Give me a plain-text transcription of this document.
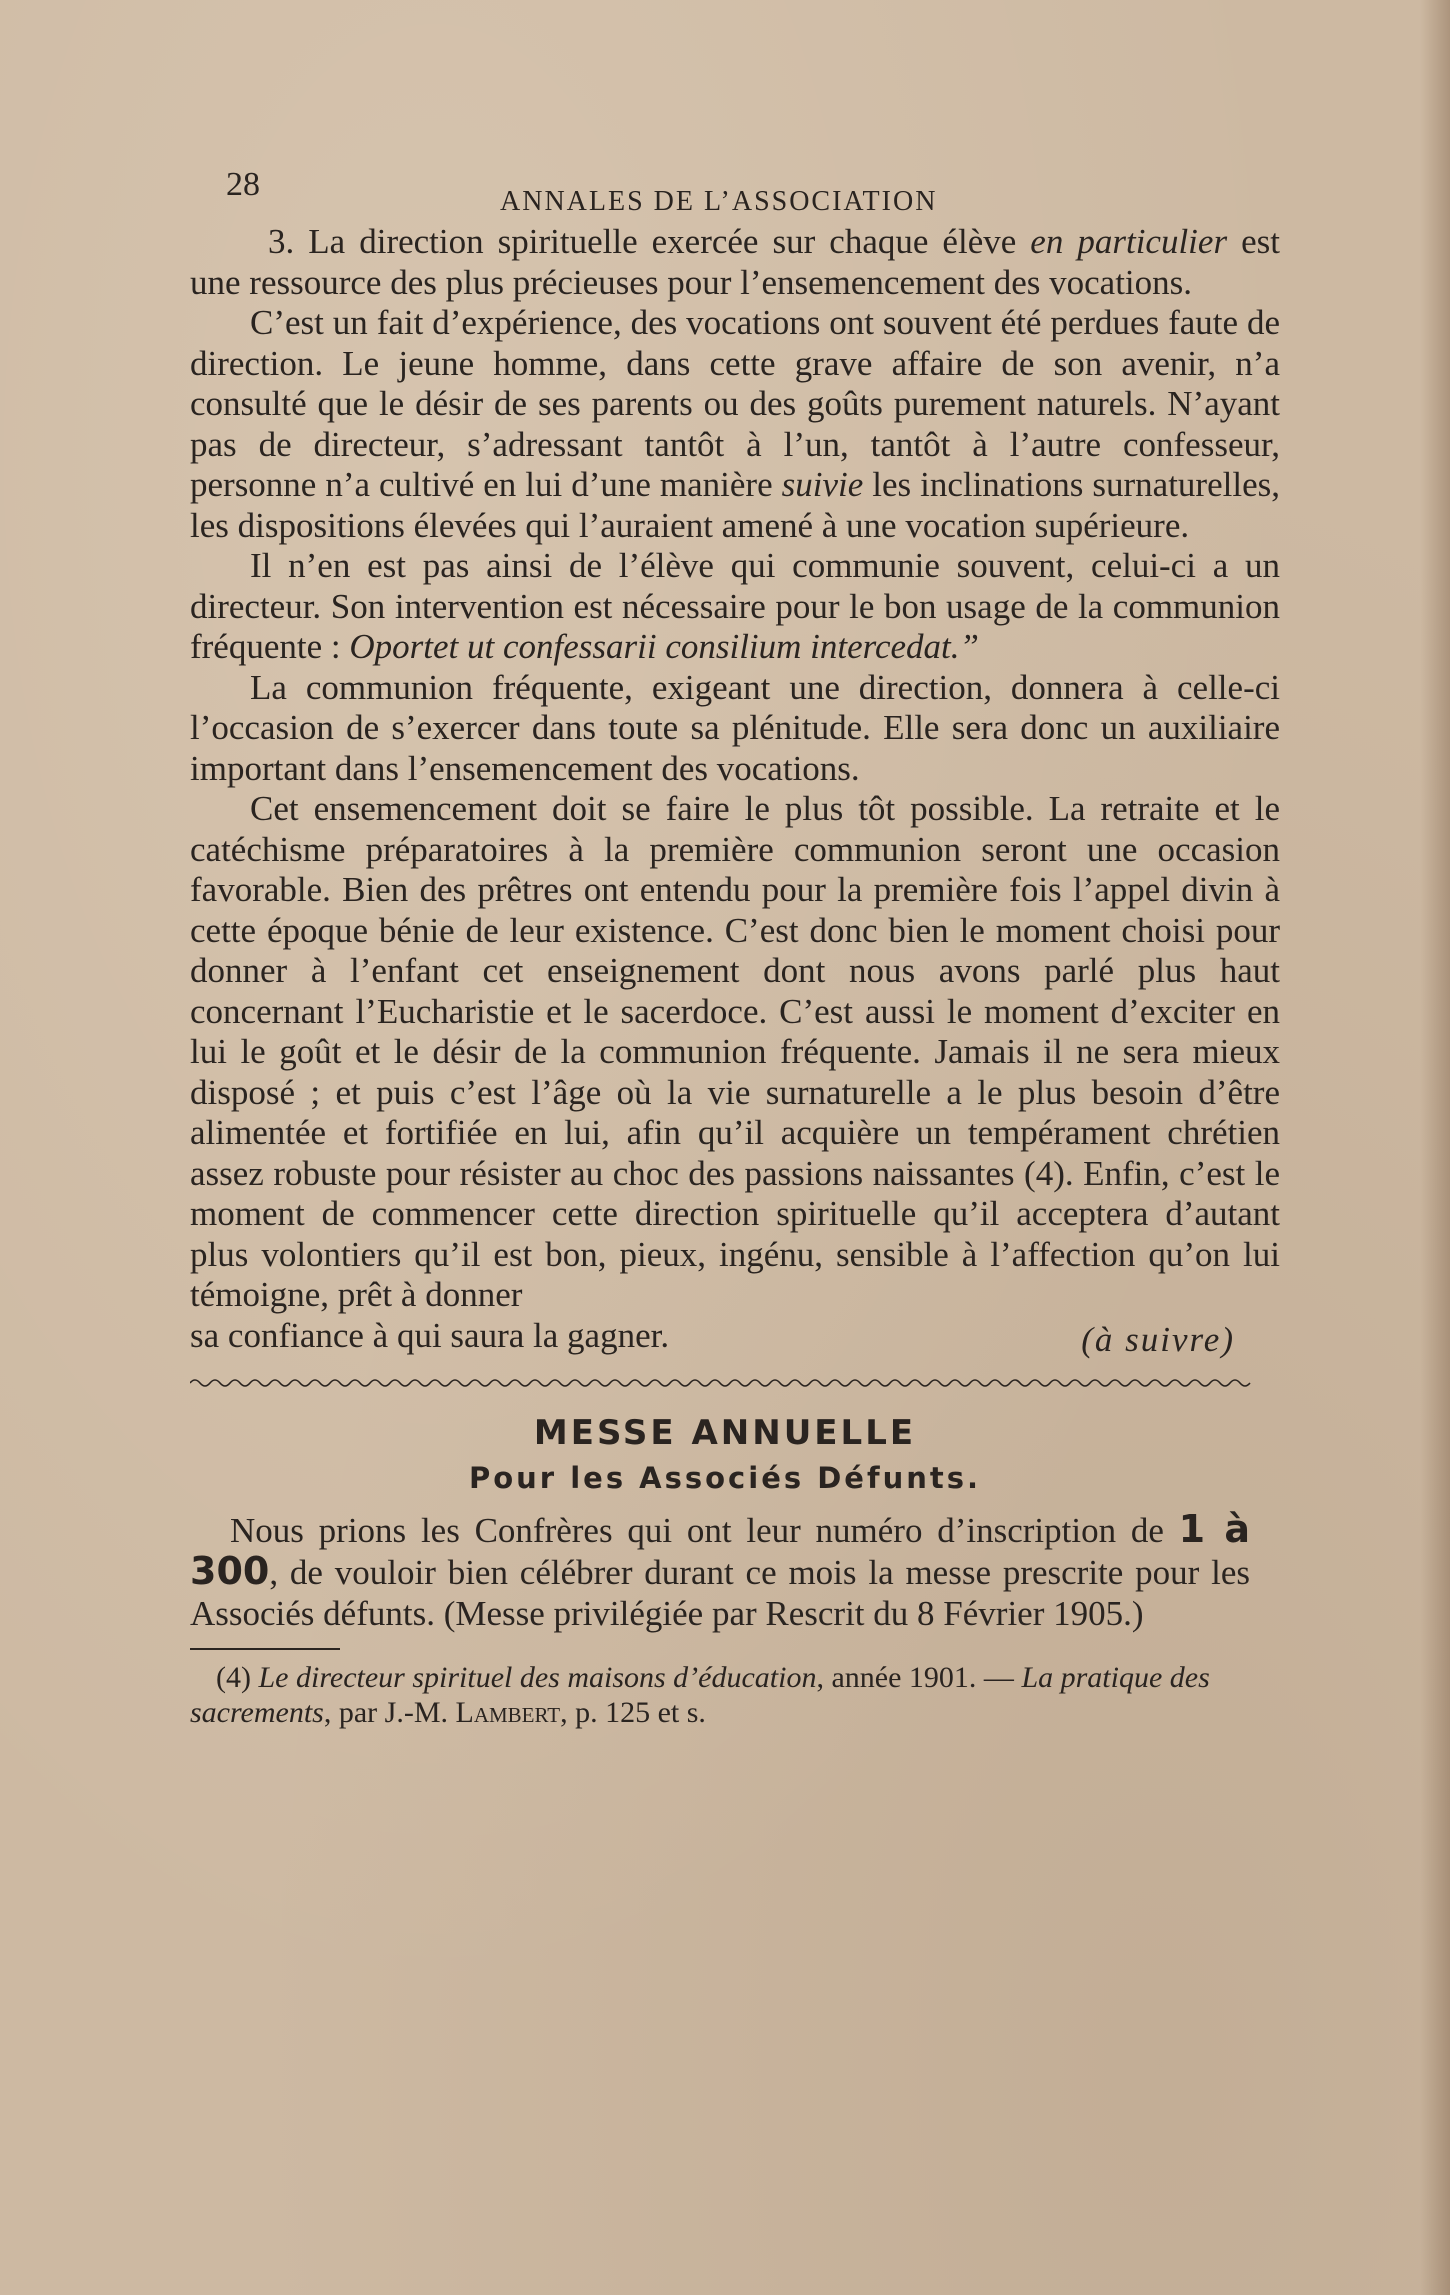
28	ANNALES DE L’ASSOCIATION

3. La direction spirituelle exercée sur chaque élève en particulier est une ressource des plus précieuses pour l’ensemencement des vocations.

C’est un fait d’expérience, des vocations ont souvent été perdues faute de direction. Le jeune homme, dans cette grave affaire de son avenir, n’a consulté que le désir de ses parents ou des goûts purement naturels. N’ayant pas de directeur, s’adressant tantôt à l’un, tantôt à l’autre confesseur, personne n’a cultivé en lui d’une manière suivie les inclinations surnaturelles, les dispositions élevées qui l’auraient amené à une vocation supérieure.

Il n’en est pas ainsi de l’élève qui communie souvent, celui-ci a un directeur. Son intervention est nécessaire pour le bon usage de la communion fréquente : Oportet ut confessarii consilium intercedat.”

La communion fréquente, exigeant une direction, donnera à celle-ci l’occasion de s’exercer dans toute sa plénitude. Elle sera donc un auxiliaire important dans l’ensemencement des vocations.

Cet ensemencement doit se faire le plus tôt possible. La retraite et le catéchisme préparatoires à la première communion seront une occasion favorable. Bien des prêtres ont entendu pour la première fois l’appel divin à cette époque bénie de leur existence. C’est donc bien le moment choisi pour donner à l’enfant cet enseignement dont nous avons parlé plus haut concernant l’Eucharistie et le sacerdoce. C’est aussi le moment d’exciter en lui le goût et le désir de la communion fréquente. Jamais il ne sera mieux disposé ; et puis c’est l’âge où la vie surnaturelle a le plus besoin d’être alimentée et fortifiée en lui, afin qu’il acquière un tempérament chrétien assez robuste pour résister au choc des passions naissantes (4). Enfin, c’est le moment de commencer cette direction spirituelle qu’il acceptera d’autant plus volontiers qu’il est bon, pieux, ingénu, sensible à l’affection qu’on lui témoigne, prêt à donner

sa confiance à qui saura la gagner.	(à suivre)
MESSE ANNUELLE
Pour les Associés Défunts.

Nous prions les Confrères qui ont leur numéro d’inscription de 1 à 300, de vouloir bien célébrer durant ce mois la messe prescrite pour les Associés défunts. (Messe privilégiée par Rescrit du 8 Février 1905.)

(4) Le directeur spirituel des maisons d’éducation, année 1901. — La pratique des sacrements, par J.-M. Lambert, p. 125 et s.
